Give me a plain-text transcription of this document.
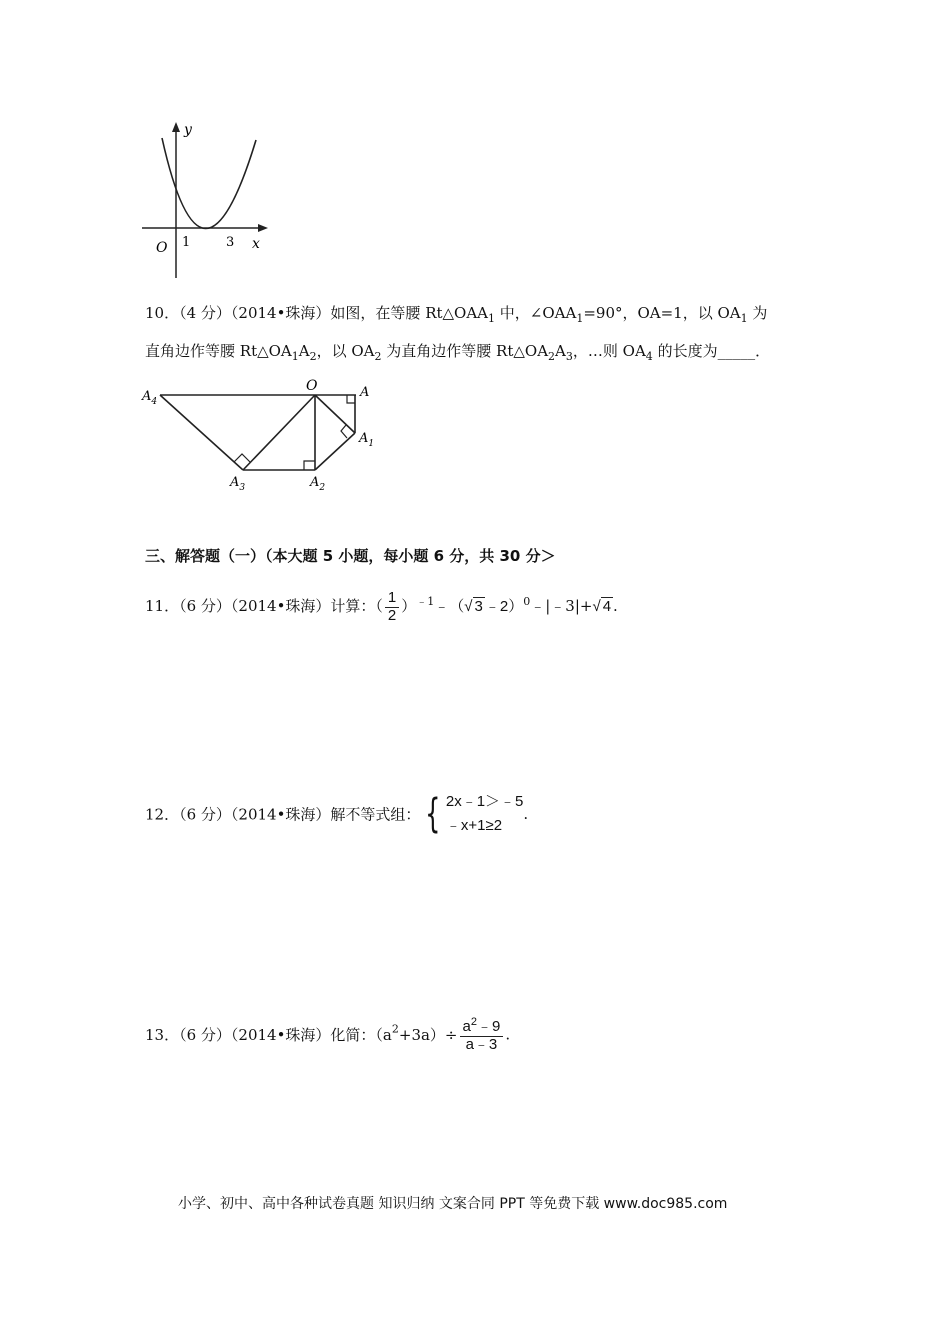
y
x
O 1	3
10．（4 分）（2014•珠海）如图，在等腰 $Rt\triangle OAA_1$ 中，$\angle OAA_1=90^\circ$，OA=1，以 $OA_1$ 为
直角边作等腰 $Rt\triangle OA_1A_2$，以 $OA_2$ 为直角边作等腰 $Rt\triangle OA_2A_3$，…则 $OA_4$ 的长度为_____．
$A_4$
O	A
$A_1$
$A_2$
$A_3$
三、解答题（一）（本大题 5 小题，每小题 6 分，共 30 分＞
11．（6 分）（2014•珠海）计算：（ $\frac{1}{2}$ ）$^{﹣1}$﹣（√ 3 ﹣2）$^0$﹣|﹣3|+√ 4 .
12．（6 分）（2014•珠海）解不等式组： { 2x﹣1＞﹣5
﹣x+1≥2
.
13．（6 分）（2014•珠海）化简：$(a^2+3a)\div \frac{a^2﹣9}{a﹣3}$ .
小学、初中、高中各种试卷真题 知识归纳 文案合同 PPT 等免费下载 www.doc985.com
